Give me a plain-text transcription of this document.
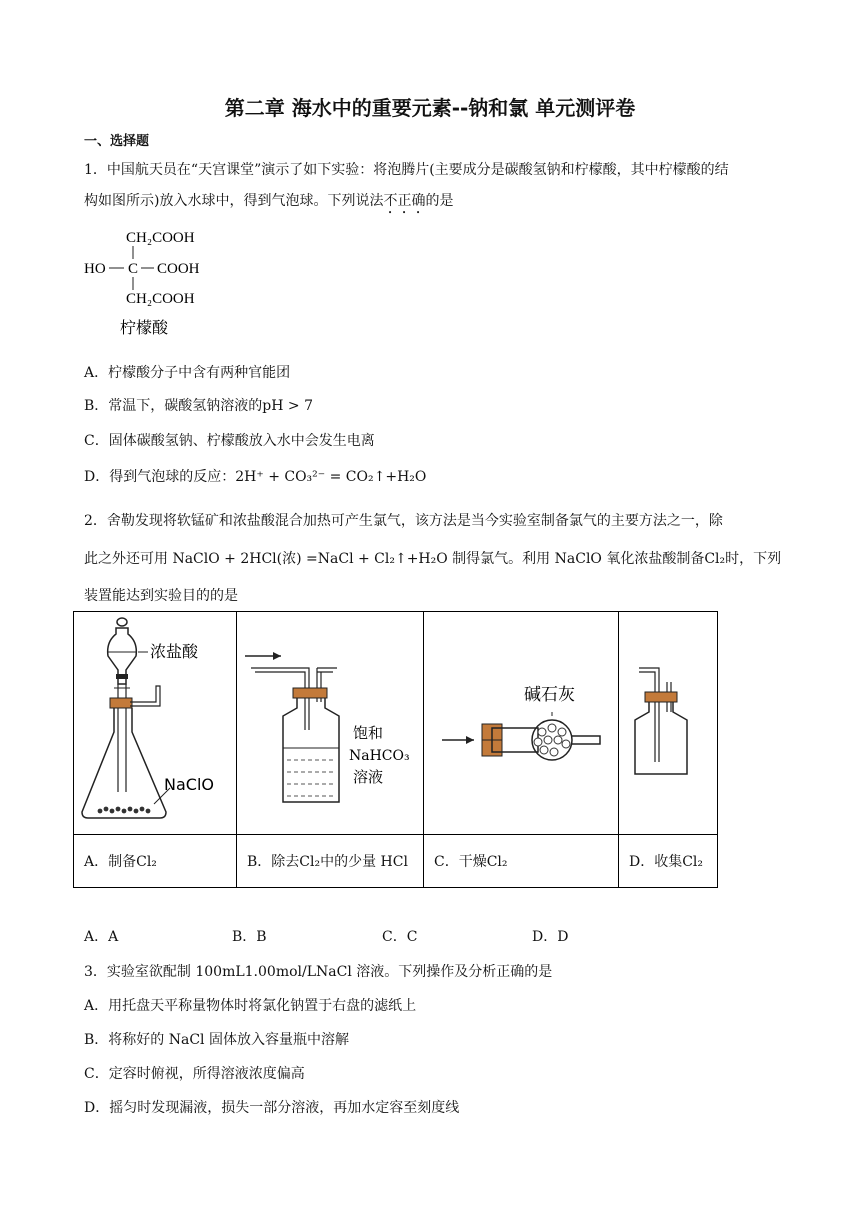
第二章 海水中的重要元素--钠和氯 单元测评卷
一、选择题
1．中国航天员在“天宫课堂”演示了如下实验：将泡腾片(主要成分是碳酸氢钠和柠檬酸，其中柠檬酸的结
构如图所示)放入水球中，得到气泡球。下列说法不正确的是
CH₂COOH
HO C COOH
CH₂COOH
柠檬酸
A．柠檬酸分子中含有两种官能团
B．常温下，碳酸氢钠溶液的pH > 7
C．固体碳酸氢钠、柠檬酸放入水中会发生电离
D．得到气泡球的反应：2H⁺ + CO₃²⁻ = CO₂↑+H₂O
2．舍勒发现将软锰矿和浓盐酸混合加热可产生氯气，该方法是当今实验室制备氯气的主要方法之一，除
此之外还可用 NaClO + 2HCl(浓) =NaCl + Cl₂↑+H₂O 制得氯气。利用 NaClO 氧化浓盐酸制备Cl₂时，下列
装置能达到实验目的的是
浓盐酸
NaClO	饱和
NaHCO₃
溶液	碱石灰

A．制备Cl₂	B．除去Cl₂中的少量 HCl	C．干燥Cl₂	D．收集Cl₂
A．A	B．B	C．C	D．D
3．实验室欲配制 100mL1.00mol/LNaCl 溶液。下列操作及分析正确的是
A．用托盘天平称量物体时将氯化钠置于右盘的滤纸上
B．将称好的 NaCl 固体放入容量瓶中溶解
C．定容时俯视，所得溶液浓度偏高
D．摇匀时发现漏液，损失一部分溶液，再加水定容至刻度线
